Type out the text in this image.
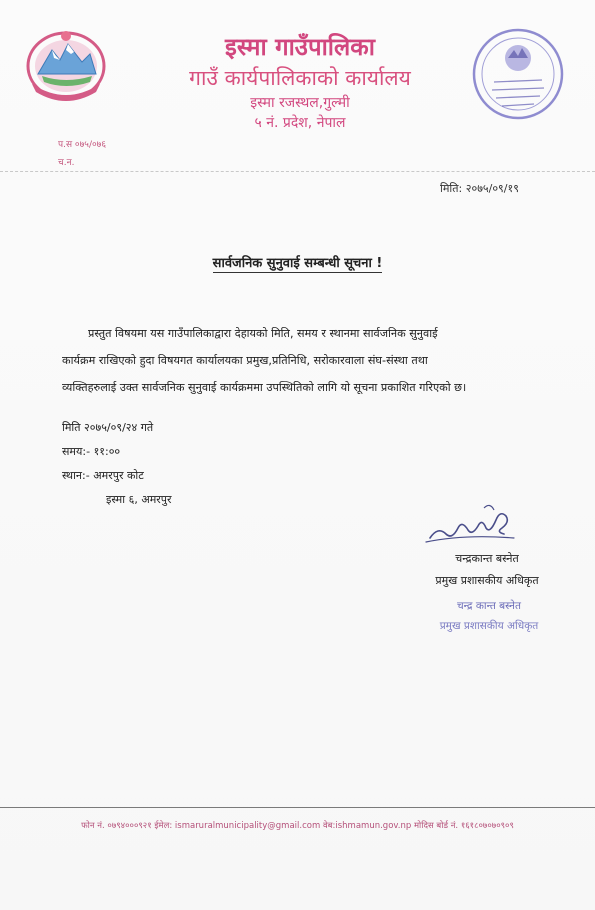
इस्मा गाउँपालिका
गाउँ कार्यपालिकाको कार्यालय
इस्मा रजस्थल,गुल्मी
५ नं. प्रदेश, नेपाल
प.स ०७५/०७६
च.न.
मिति: २०७५/०९/१९
सार्वजनिक सुनुवाई सम्बन्धी सूचना !
प्रस्तुत विषयमा यस गाउँपालिकाद्वारा देहायको मिति, समय र स्थानमा सार्वजनिक सुनुवाई
कार्यक्रम राखिएको हुदा विषयगत कार्यालयका प्रमुख,प्रतिनिधि, सरोकारवाला संघ-संस्था तथा
व्यक्तिहरुलाई उक्त सार्वजनिक सुनुवाई कार्यक्रममा उपस्थितिको लागि यो सूचना प्रकाशित गरिएको छ।
मिति २०७५/०९/२४ गते
समय:- ११:००
स्थान:- अमरपुर कोट
इस्मा ६, अमरपुर
चन्द्रकान्त बस्नेत
प्रमुख प्रशासकीय अधिकृत
चन्द्र कान्त बस्नेत
प्रमुख प्रशासकीय अधिकृत
फोन नं. ०७९४०००९२१ ईमेल: ismaruralmunicipality@gmail.com वेब:ishmamun.gov.np मोदिस बोर्ड नं. १६१८०७०७०९०९
